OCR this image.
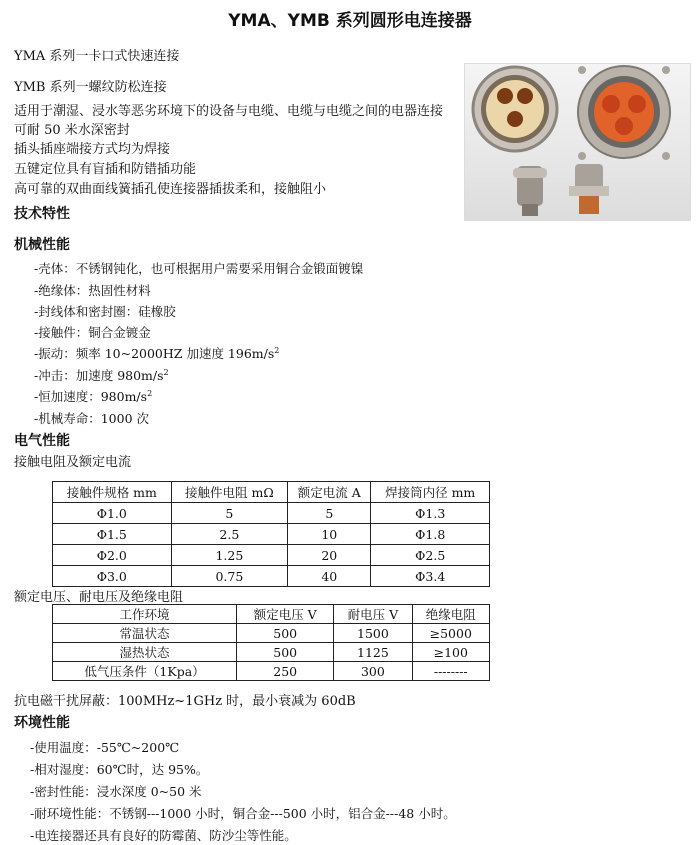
YMA、YMB 系列圆形电连接器
YMA 系列一卡口式快速连接
YMB 系列一螺纹防松连接
适用于潮湿、浸水等恶劣环境下的设备与电缆、电缆与电缆之间的电器连接
可耐 50 米水深密封
插头插座端接方式均为焊接
五键定位具有盲插和防错插功能
高可靠的双曲面线簧插孔使连接器插拔柔和，接触阻小
技术特性
机械性能
-壳体：不锈钢钝化，也可根据用户需要采用铜合金锻面镀镍
-绝缘体：热固性材料
-封线体和密封圈：硅橡胶
-接触件：铜合金镀金
-振动：频率 10~2000HZ 加速度 $196m/s^2$
-冲击：加速度 $980m/s^2$
-恒加速度：$980m/s^2$
-机械寿命：1000 次
电气性能
接触电阻及额定电流
接触件规格 mm	接触件电阻 mΩ	额定电流 A	焊接筒内径 mm
Φ1.0	5	5	Φ1.3
Φ1.5	2.5	10	Φ1.8
Φ2.0	1.25	20	Φ2.5
Φ3.0	0.75	40	Φ3.4
额定电压、耐电压及绝缘电阻
工作环境	额定电压 V	耐电压 V	绝缘电阻
常温状态	500	1500	≥5000
湿热状态	500	1125	≥100
低气压条件（1Kpa）	250	300	--------
抗电磁干扰屏蔽：100MHz~1GHz 时，最小衰减为 60dB
环境性能
-使用温度：-55℃~200℃
-相对湿度：60℃时，达 95%。
-密封性能：浸水深度 0~50 米
-耐环境性能：不锈钢---1000 小时，铜合金---500 小时，铝合金---48 小时。
-电连接器还具有良好的防霉菌、防沙尘等性能。
